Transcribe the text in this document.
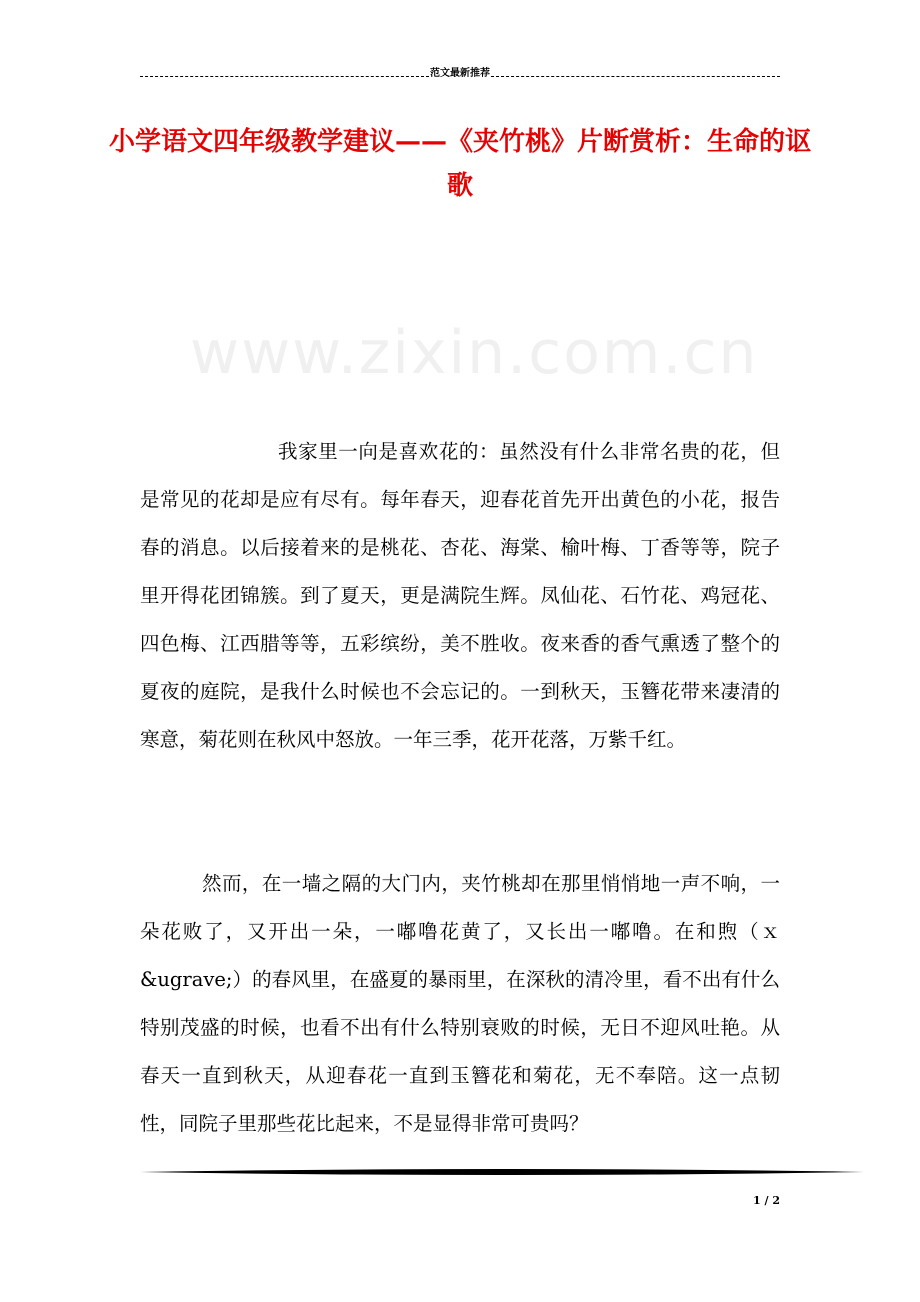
范文最新推荐
小学语文四年级教学建议——《夹竹桃》片断赏析：生命的讴歌
www.zixin.com.cn

我家里一向是喜欢花的：虽然没有什么非常名贵的花，但是常见的花却是应有尽有。每年春天，迎春花首先开出黄色的小花，报告春的消息。以后接着来的是桃花、杏花、海棠、榆叶梅、丁香等等，院子里开得花团锦簇。到了夏天，更是满院生辉。凤仙花、石竹花、鸡冠花、四色梅、江西腊等等，五彩缤纷，美不胜收。夜来香的香气熏透了整个的夏夜的庭院，是我什么时候也不会忘记的。一到秋天，玉簪花带来凄清的寒意，菊花则在秋风中怒放。一年三季，花开花落，万紫千红。

然而，在一墙之隔的大门内，夹竹桃却在那里悄悄地一声不响，一朵花败了，又开出一朵，一嘟噜花黄了，又长出一嘟噜。在和煦（ｘ&ugrave;）的春风里，在盛夏的暴雨里，在深秋的清冷里，看不出有什么特别茂盛的时候，也看不出有什么特别衰败的时候，无日不迎风吐艳。从春天一直到秋天，从迎春花一直到玉簪花和菊花，无不奉陪。这一点韧性，同院子里那些花比起来，不是显得非常可贵吗？

1 / 2
